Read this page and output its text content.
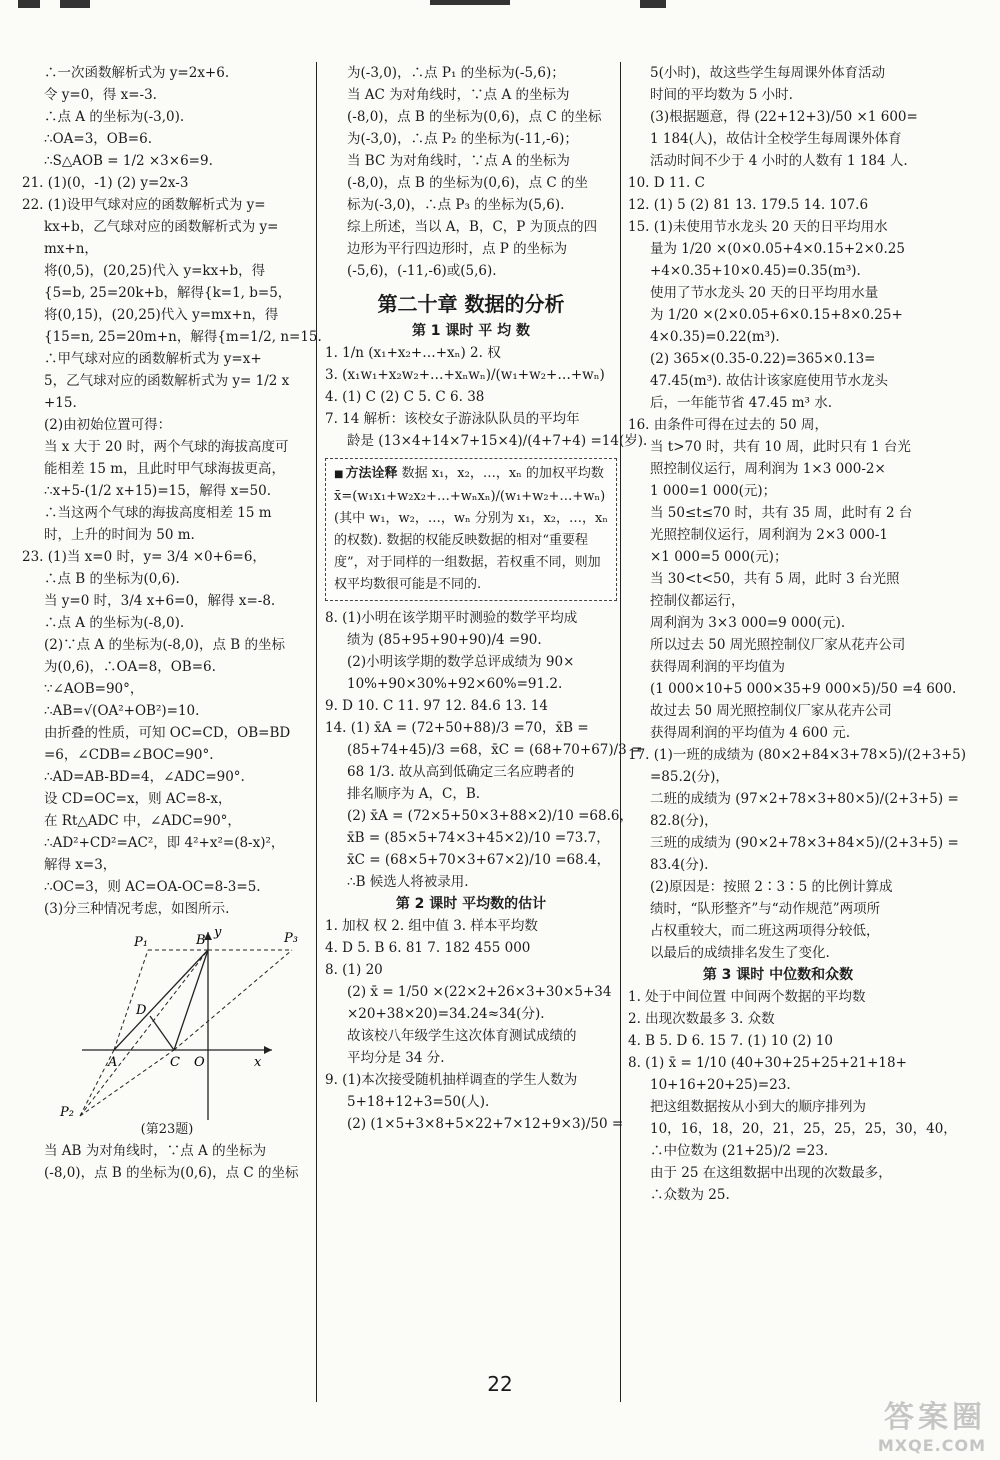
∴一次函数解析式为 y=2x+6.
令 y=0，得 x=-3.
∴点 A 的坐标为(-3,0).
∴OA=3，OB=6.
∴S△AOB = 1/2 ×3×6=9.
21. (1)(0，-1) (2) y=2x-3
22. (1)设甲气球对应的函数解析式为 y=
kx+b，乙气球对应的函数解析式为 y=
mx+n，
将(0,5)，(20,25)代入 y=kx+b，得
{5=b, 25=20k+b，解得{k=1, b=5，
将(0,15)，(20,25)代入 y=mx+n，得
{15=n, 25=20m+n，解得{m=1/2, n=15.
∴甲气球对应的函数解析式为 y=x+
5，乙气球对应的函数解析式为 y= 1/2 x
+15.
(2)由初始位置可得：
当 x 大于 20 时，两个气球的海拔高度可
能相差 15 m，且此时甲气球海拔更高，
∴x+5-(1/2 x+15)=15，解得 x=50.
∴当这两个气球的海拔高度相差 15 m
时，上升的时间为 50 m.
23. (1)当 x=0 时，y= 3/4 ×0+6=6，
∴点 B 的坐标为(0,6).
当 y=0 时，3/4 x+6=0，解得 x=-8.
∴点 A 的坐标为(-8,0).
(2)∵点 A 的坐标为(-8,0)，点 B 的坐标
为(0,6)，∴OA=8，OB=6.
∵∠AOB=90°，
∴AB=√(OA²+OB²)=10.
由折叠的性质，可知 OC=CD，OB=BD
=6，∠CDB=∠BOC=90°.
∴AD=AB-BD=4，∠ADC=90°.
设 CD=OC=x，则 AC=8-x，
在 Rt△ADC 中，∠ADC=90°，
∴AD²+CD²=AC²，即 4²+x²=(8-x)²，
解得 x=3，
∴OC=3，则 AC=OA-OC=8-3=5.
(3)分三种情况考虑，如图所示.
P₁	B	P₃
y
D
A	C O	x
P₂
(第23题)
当 AB 为对角线时，∵点 A 的坐标为
(-8,0)，点 B 的坐标为(0,6)，点 C 的坐标
为(-3,0)，∴点 P₁ 的坐标为(-5,6)；
当 AC 为对角线时，∵点 A 的坐标为
(-8,0)，点 B 的坐标为(0,6)，点 C 的坐标
为(-3,0)，∴点 P₂ 的坐标为(-11,-6)；
当 BC 为对角线时，∵点 A 的坐标为
(-8,0)，点 B 的坐标为(0,6)，点 C 的坐
标为(-3,0)，∴点 P₃ 的坐标为(5,6).
综上所述，当以 A，B，C，P 为顶点的四
边形为平行四边形时，点 P 的坐标为
(-5,6)，(-11,-6)或(5,6).
第二十章 数据的分析
第 1 课时 平 均 数
1. 1/n (x₁+x₂+…+xₙ) 2. 权
3. (x₁w₁+x₂w₂+…+xₙwₙ)/(w₁+w₂+…+wₙ)
4. (1) C (2) C 5. C 6. 38
7. 14 解析：该校女子游泳队队员的平均年
龄是 (13×4+14×7+15×4)/(4+7+4) =14(岁).
■ 方法诠释 数据 x₁，x₂，…，xₙ 的加权平均数 x̄=(w₁x₁+w₂x₂+…+wₙxₙ)/(w₁+w₂+…+wₙ)(其中 w₁，w₂，…，wₙ 分别为 x₁，x₂，…，xₙ 的权数). 数据的权能反映数据的相对“重要程度”，对于同样的一组数据，若权重不同，则加权平均数很可能是不同的.
8. (1)小明在该学期平时测验的数学平均成
绩为 (85+95+90+90)/4 =90.
(2)小明该学期的数学总评成绩为 90×
10%+90×30%+92×60%=91.2.
9. D 10. C 11. 97 12. 84.6 13. 14
14. (1) x̄A = (72+50+88)/3 =70，x̄B =
(85+74+45)/3 =68，x̄C = (68+70+67)/3 =
68 1/3. 故从高到低确定三名应聘者的
排名顺序为 A，C，B.
(2) x̄A = (72×5+50×3+88×2)/10 =68.6，
x̄B = (85×5+74×3+45×2)/10 =73.7，
x̄C = (68×5+70×3+67×2)/10 =68.4，
∴B 候选人将被录用.
第 2 课时 平均数的估计
1. 加权 权 2. 组中值 3. 样本平均数
4. D 5. B 6. 81 7. 182 455 000
8. (1) 20
(2) x̄ = 1/50 ×(22×2+26×3+30×5+34
×20+38×20)=34.24≈34(分).
故该校八年级学生这次体育测试成绩的
平均分是 34 分.
9. (1)本次接受随机抽样调查的学生人数为
5+18+12+3=50(人).
(2) (1×5+3×8+5×22+7×12+9×3)/50 =
5(小时)，故这些学生每周课外体育活动
时间的平均数为 5 小时.
(3)根据题意，得 (22+12+3)/50 ×1 600=
1 184(人)，故估计全校学生每周课外体育
活动时间不少于 4 小时的人数有 1 184 人.
10. D 11. C
12. (1) 5 (2) 81 13. 179.5 14. 107.6
15. (1)未使用节水龙头 20 天的日平均用水
量为 1/20 ×(0×0.05+4×0.15+2×0.25
+4×0.35+10×0.45)=0.35(m³).
使用了节水龙头 20 天的日平均用水量
为 1/20 ×(2×0.05+6×0.15+8×0.25+
4×0.35)=0.22(m³).
(2) 365×(0.35-0.22)=365×0.13=
47.45(m³). 故估计该家庭使用节水龙头
后，一年能节省 47.45 m³ 水.
16. 由条件可得在过去的 50 周，
当 t>70 时，共有 10 周，此时只有 1 台光
照控制仪运行，周利润为 1×3 000-2×
1 000=1 000(元)；
当 50≤t≤70 时，共有 35 周，此时有 2 台
光照控制仪运行，周利润为 2×3 000-1
×1 000=5 000(元)；
当 30<t<50，共有 5 周，此时 3 台光照
控制仪都运行，
周利润为 3×3 000=9 000(元).
所以过去 50 周光照控制仪厂家从花卉公司
获得周利润的平均值为
(1 000×10+5 000×35+9 000×5)/50 =4 600.
故过去 50 周光照控制仪厂家从花卉公司
获得周利润的平均值为 4 600 元.
17. (1)一班的成绩为 (80×2+84×3+78×5)/(2+3+5)
=85.2(分)，
二班的成绩为 (97×2+78×3+80×5)/(2+3+5) =
82.8(分)，
三班的成绩为 (90×2+78×3+84×5)/(2+3+5) =
83.4(分).
(2)原因是：按照 2∶3∶5 的比例计算成
绩时，“队形整齐”与“动作规范”两项所
占权重较大，而二班这两项得分较低，
以最后的成绩排名发生了变化.
第 3 课时 中位数和众数
1. 处于中间位置 中间两个数据的平均数
2. 出现次数最多 3. 众数
4. B 5. D 6. 15 7. (1) 10 (2) 10
8. (1) x̄ = 1/10 (40+30+25+25+21+18+
10+16+20+25)=23.
把这组数据按从小到大的顺序排列为
10，16，18，20，21，25，25，25，30，40，
∴中位数为 (21+25)/2 =23.
由于 25 在这组数据中出现的次数最多，
∴众数为 25.
22
答案圈
MXQE.COM
